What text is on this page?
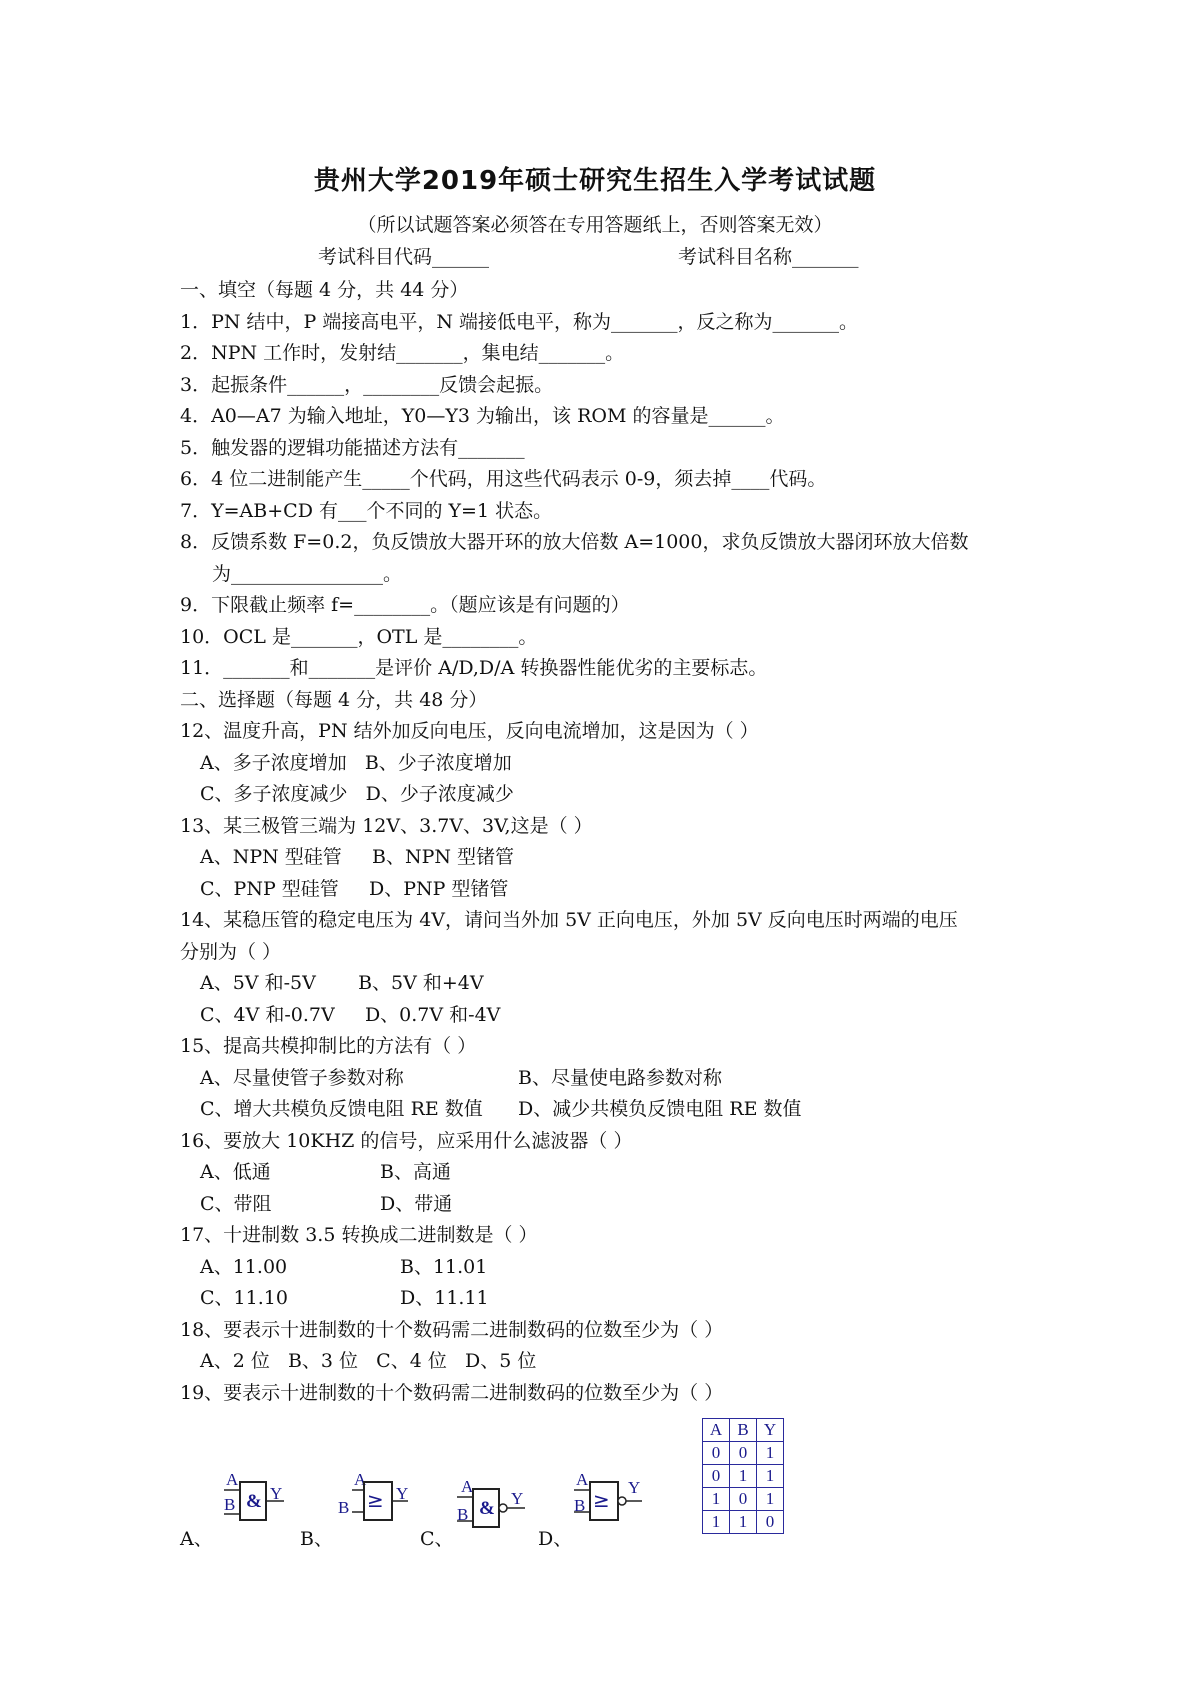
贵州大学2019年硕士研究生招生入学考试试题
（所以试题答案必须答在专用答题纸上，否则答案无效）
考试科目代码______	考试科目名称_______
一、填空（每题 4 分，共 44 分）
1．PN 结中，P 端接高电平，N 端接低电平，称为_______，反之称为_______。
2．NPN 工作时，发射结_______，集电结_______。
3．起振条件______，________反馈会起振。
4．A0—A7 为输入地址，Y0—Y3 为输出，该 ROM 的容量是______。
5．触发器的逻辑功能描述方法有_______
6．4 位二进制能产生_____个代码，用这些代码表示 0-9，须去掉____代码。
7．Y=AB+CD 有___个不同的 Y=1 状态。
8．反馈系数 F=0.2，负反馈放大器开环的放大倍数 A=1000，求负反馈放大器闭环放大倍数
为________________。
9．下限截止频率 f=________。（题应该是有问题的）
10．OCL 是_______，OTL 是________。
11．_______和_______是评价 A/D,D/A 转换器性能优劣的主要标志。
二、选择题（每题 4 分，共 48 分）
12、温度升高，PN 结外加反向电压，反向电流增加，这是因为（ ）
A、多子浓度增加   B、少子浓度增加
C、多子浓度减少   D、少子浓度减少
13、某三极管三端为 12V、3.7V、3V,这是（ ）
A、NPN 型硅管     B、NPN 型锗管
C、PNP 型硅管     D、PNP 型锗管
14、某稳压管的稳定电压为 4V，请问当外加 5V 正向电压，外加 5V 反向电压时两端的电压
分别为（ ）
A、5V 和-5V       B、5V 和+4V
C、4V 和-0.7V     D、0.7V 和-4V
15、提高共模抑制比的方法有（ ）
A、尽量使管子参数对称	B、尽量使电路参数对称
C、增大共模负反馈电阻 RE 数值 D、减少共模负反馈电阻 RE 数值
16、要放大 10KHZ 的信号，应采用什么滤波器（ ）
A、低通	B、高通
C、带阻	D、带通
17、十进制数 3.5 转换成二进制数是（ ）
A、11.00	B、11.01
C、11.10	D、11.11
18、要表示十进制数的十个数码需二进制数码的位数至少为（ ）
A、2 位   B、3 位   C、4 位   D、5 位
19、要表示十进制数的十个数码需二进制数码的位数至少为（ ）
A、
A
B
Y
&
B、
A
B
Y
≥
C、
A
B
Y
&
D、
A
B
Y
≥
A	B	Y
0	0	1
0	1	1
1	0	1
1	1	0
